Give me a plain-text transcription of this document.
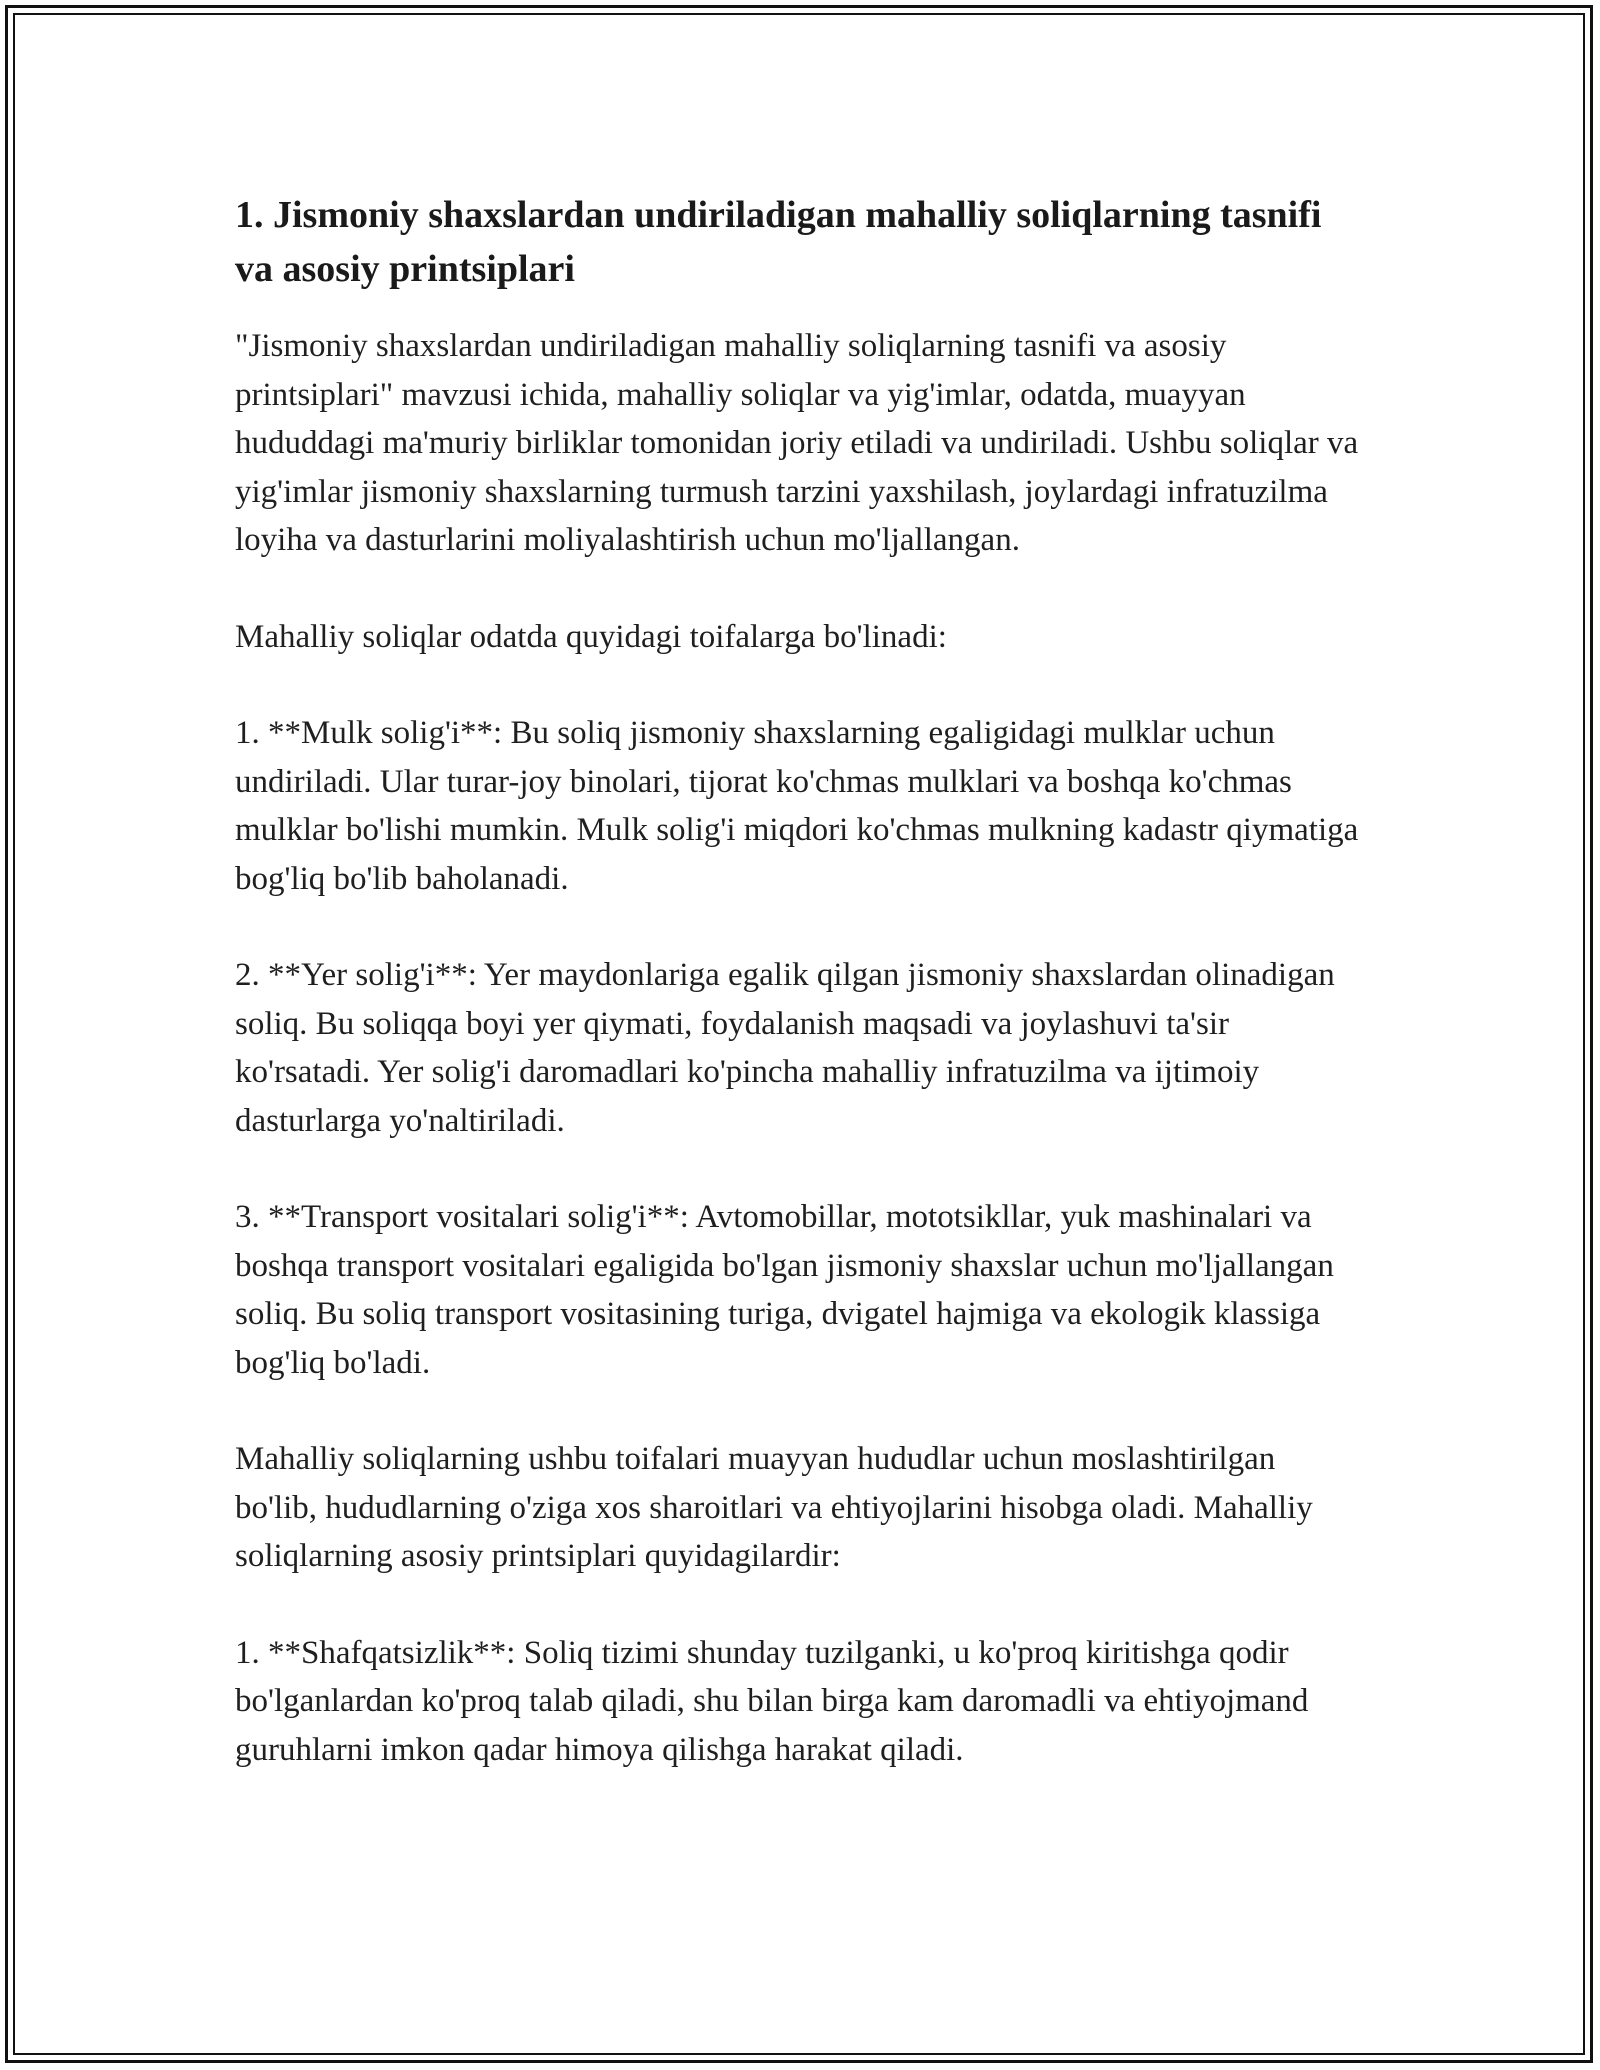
1. Jismoniy shaxslardan undiriladigan mahalliy soliqlarning tasnifi va asosiy printsiplari

"Jismoniy shaxslardan undiriladigan mahalliy soliqlarning tasnifi va asosiy printsiplari" mavzusi ichida, mahalliy soliqlar va yig'imlar, odatda, muayyan hududdagi ma'muriy birliklar tomonidan joriy etiladi va undiriladi. Ushbu soliqlar va yig'imlar jismoniy shaxslarning turmush tarzini yaxshilash, joylardagi infratuzilma loyiha va dasturlarini moliyalashtirish uchun mo'ljallangan.

Mahalliy soliqlar odatda quyidagi toifalarga bo'linadi:

1. **Mulk solig'i**: Bu soliq jismoniy shaxslarning egaligidagi mulklar uchun undiriladi. Ular turar-joy binolari, tijorat ko'chmas mulklari va boshqa ko'chmas mulklar bo'lishi mumkin. Mulk solig'i miqdori ko'chmas mulkning kadastr qiymatiga bog'liq bo'lib baholanadi.

2. **Yer solig'i**: Yer maydonlariga egalik qilgan jismoniy shaxslardan olinadigan soliq. Bu soliqqa boyi yer qiymati, foydalanish maqsadi va joylashuvi ta'sir ko'rsatadi. Yer solig'i daromadlari ko'pincha mahalliy infratuzilma va ijtimoiy dasturlarga yo'naltiriladi.

3. **Transport vositalari solig'i**: Avtomobillar, mototsikllar, yuk mashinalari va boshqa transport vositalari egaligida bo'lgan jismoniy shaxslar uchun mo'ljallangan soliq. Bu soliq transport vositasining turiga, dvigatel hajmiga va ekologik klassiga bog'liq bo'ladi.

Mahalliy soliqlarning ushbu toifalari muayyan hududlar uchun moslashtirilgan bo'lib, hududlarning o'ziga xos sharoitlari va ehtiyojlarini hisobga oladi. Mahalliy soliqlarning asosiy printsiplari quyidagilardir:

1. **Shafqatsizlik**: Soliq tizimi shunday tuzilganki, u ko'proq kiritishga qodir bo'lganlardan ko'proq talab qiladi, shu bilan birga kam daromadli va ehtiyojmand guruhlarni imkon qadar himoya qilishga harakat qiladi.
